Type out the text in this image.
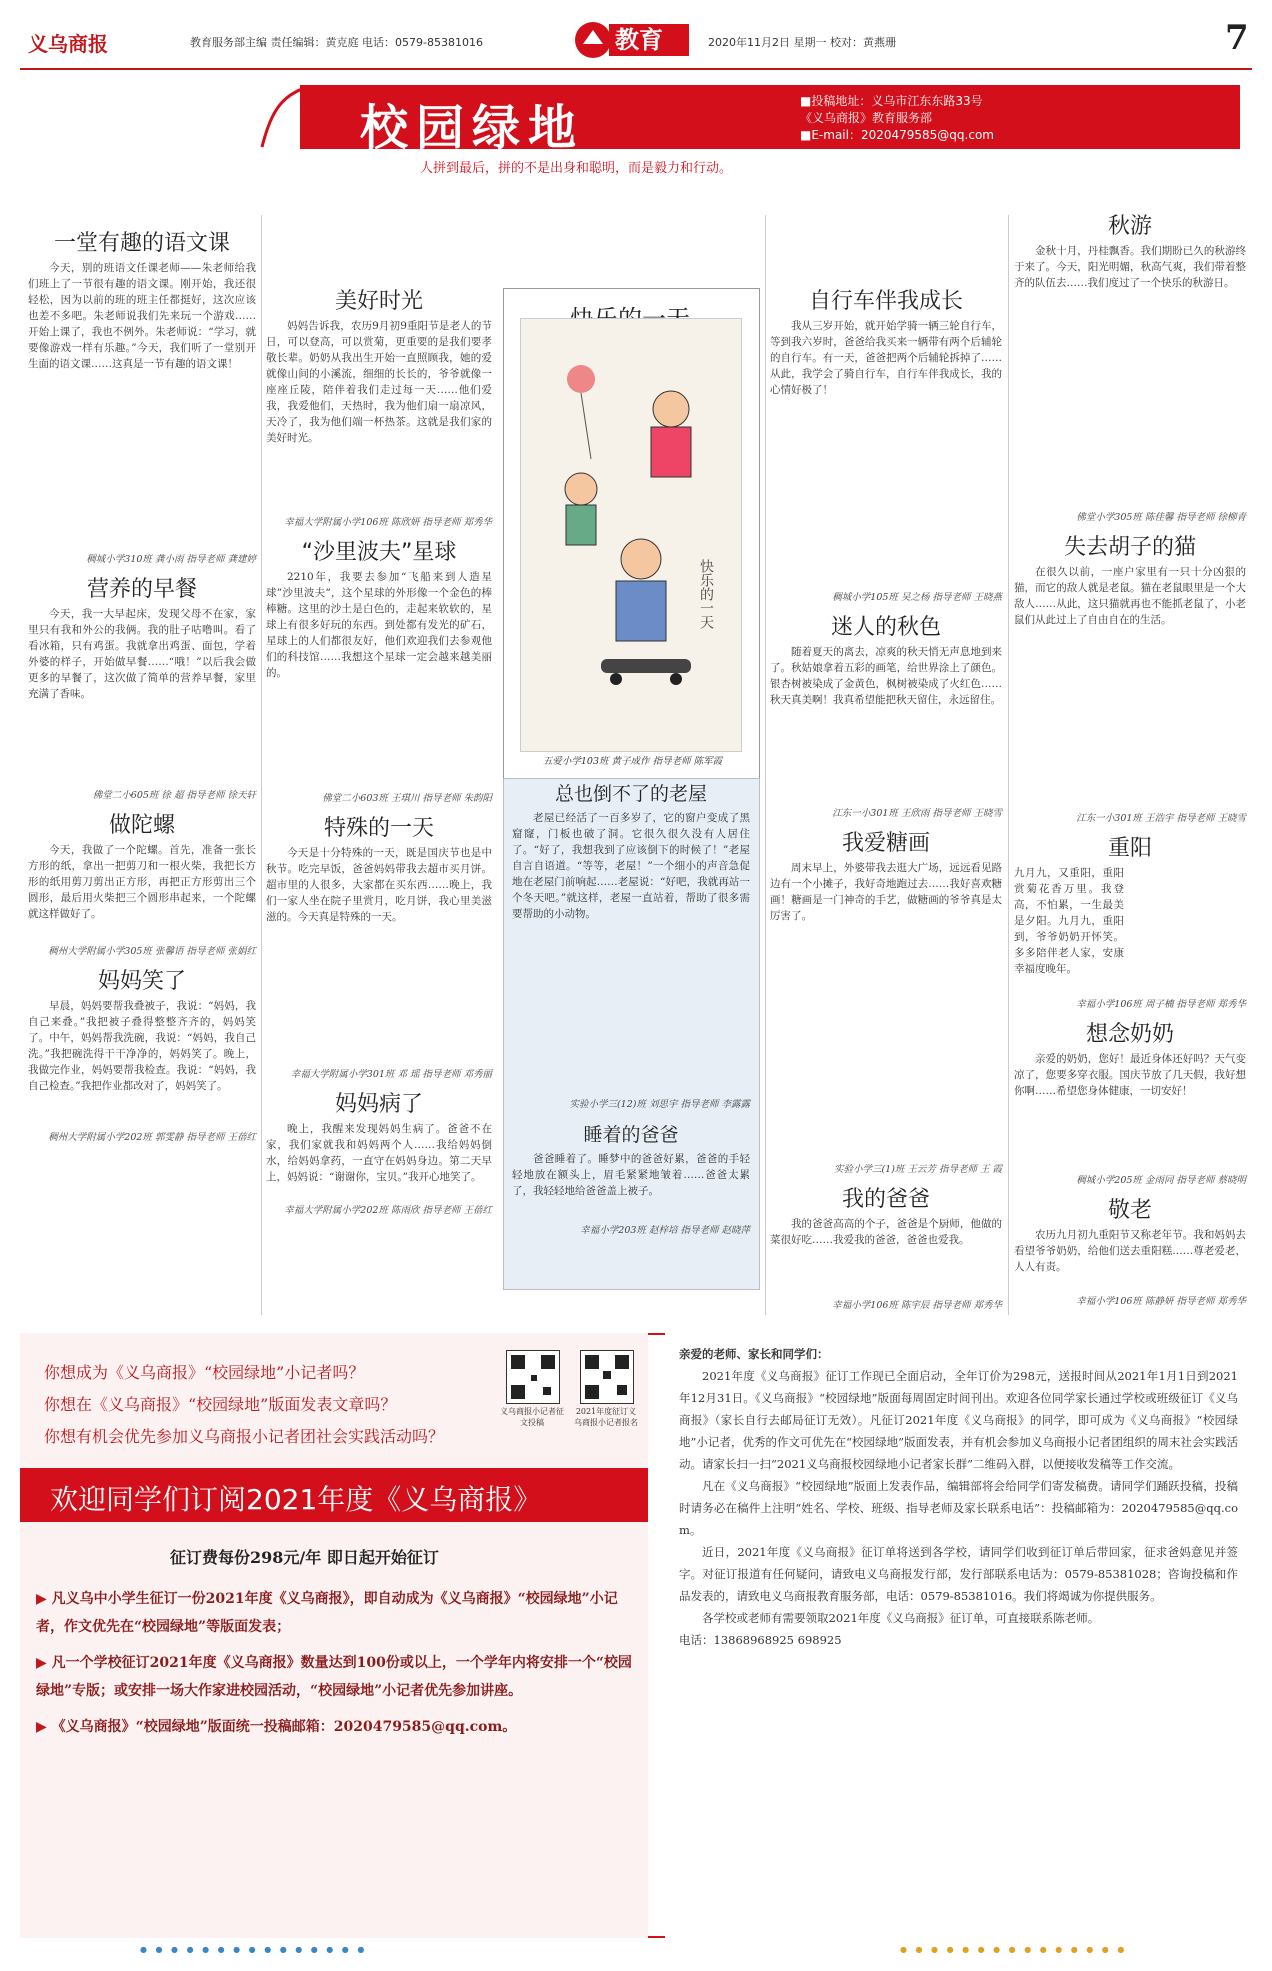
义乌商报	教育服务部主编 责任编辑：黄克庭 电话：0579-85381016	教育	2020年11月2日 星期一 校对：黄燕珊	7
校园绿地	■投稿地址：义乌市江东东路33号
《义乌商报》教育服务部
■E-mail：2020479585@qq.com
人拼到最后，拼的不是出身和聪明，而是毅力和行动。
一堂有趣的语文课

今天，别的班语文任课老师——朱老师给我们班上了一节很有趣的语文课。刚开始，我还很轻松，因为以前的班的班主任都挺好，这次应该也差不多吧。朱老师说我们先来玩一个游戏……开始上课了，我也不例外。朱老师说：“学习，就要像游戏一样有乐趣。”今天，我们听了一堂别开生面的语文课……这真是一节有趣的语文课！

稠城小学310班 龚小雨 指导老师 龚建婷
营养的早餐

今天，我一大早起床，发现父母不在家，家里只有我和外公的我俩。我的肚子咕噜叫。看了看冰箱，只有鸡蛋。我就拿出鸡蛋、面包，学着外婆的样子，开始做早餐……“哦！”以后我会做更多的早餐了，这次做了简单的营养早餐，家里充满了香味。

佛堂二小605班 徐 超 指导老师 徐天轩
做陀螺

今天，我做了一个陀螺。首先，准备一张长方形的纸，拿出一把剪刀和一根火柴，我把长方形的纸用剪刀剪出正方形，再把正方形剪出三个圆形，最后用火柴把三个圆形串起来，一个陀螺就这样做好了。

稠州大学附属小学305班 张馨语 指导老师 张娟红
妈妈笑了

早晨，妈妈要帮我叠被子，我说：“妈妈，我自己来叠。”我把被子叠得整整齐齐的，妈妈笑了。中午，妈妈帮我洗碗，我说：“妈妈，我自己洗。”我把碗洗得干干净净的，妈妈笑了。晚上，我做完作业，妈妈要帮我检查。我说：“妈妈，我自己检查。”我把作业都改对了，妈妈笑了。

稠州大学附属小学202班 郭雯静 指导老师 王蓓红
美好时光

妈妈告诉我，农历9月初9重阳节是老人的节日，可以登高，可以赏菊，更重要的是我们要孝敬长辈。奶奶从我出生开始一直照顾我，她的爱就像山间的小溪流，细细的长长的，爷爷就像一座座丘陵，陪伴着我们走过每一天……他们爱我，我爱他们，天热时，我为他们扇一扇凉风，天冷了，我为他们端一杯热茶。这就是我们家的美好时光。

幸福大学附属小学106班 陈欣妍 指导老师 郑秀华
“沙里波夫”星球

2210年，我要去参加“飞船来到人造星球”沙里波夫”，这个星球的外形像一个金色的棒棒糖。这里的沙土是白色的，走起来软软的，星球上有很多好玩的东西。到处都有发光的矿石，星球上的人们都很友好，他们欢迎我们去参观他们的科技馆……我想这个星球一定会越来越美丽的。

佛堂二小603班 王琪川 指导老师 朱韵阳
特殊的一天

今天是十分特殊的一天，既是国庆节也是中秋节。吃完早饭，爸爸妈妈带我去超市买月饼。超市里的人很多，大家都在买东西……晚上，我们一家人坐在院子里赏月，吃月饼，我心里美滋滋的。今天真是特殊的一天。

幸福大学附属小学301班 邓 瑶 指导老师 邓秀丽
妈妈病了

晚上，我醒来发现妈妈生病了。爸爸不在家，我们家就我和妈妈两个人……我给妈妈倒水，给妈妈拿药，一直守在妈妈身边。第二天早上，妈妈说：“谢谢你，宝贝。”我开心地笑了。

幸福大学附属小学202班 陈雨欣 指导老师 王蓓红
快乐的一天
五爱小学103班 黄子成作 指导老师 陈军霞
总也倒不了的老屋

老屋已经活了一百多岁了，它的窗户变成了黑窟窿，门板也破了洞。它很久很久没有人居住了。“好了，我想我到了应该倒下的时候了！”老屋自言自语道。“等等，老屋！”一个细小的声音急促地在老屋门前响起……老屋说：“好吧，我就再站一个冬天吧。”就这样，老屋一直站着，帮助了很多需要帮助的小动物。

实验小学三(12)班 刘思宇 指导老师 李露露
睡着的爸爸

爸爸睡着了。睡梦中的爸爸好累，爸爸的手轻轻地放在额头上，眉毛紧紧地皱着……爸爸太累了，我轻轻地给爸爸盖上被子。

幸福小学203班 赵梓培 指导老师 赵晓萍
自行车伴我成长

我从三岁开始，就开始学骑一辆三轮自行车，等到我六岁时，爸爸给我买来一辆带有两个后辅轮的自行车。有一天，爸爸把两个后辅轮拆掉了……从此，我学会了骑自行车，自行车伴我成长，我的心情好极了！

稠城小学105班 吴之杨 指导老师 王晓燕
迷人的秋色

随着夏天的离去，凉爽的秋天悄无声息地到来了。秋姑娘拿着五彩的画笔，给世界涂上了颜色。银杏树被染成了金黄色，枫树被染成了火红色……秋天真美啊！我真希望能把秋天留住，永远留住。

江东一小301班 王欣雨 指导老师 王晓雪
我爱糖画

周末早上，外婆带我去逛大广场，远远看见路边有一个小摊子，我好奇地跑过去……我好喜欢糖画！糖画是一门神奇的手艺，做糖画的爷爷真是太厉害了。

实验小学三(1)班 王云芳 指导老师 王 霞
我的爸爸

我的爸爸高高的个子，爸爸是个厨师，他做的菜很好吃……我爱我的爸爸，爸爸也爱我。

幸福小学106班 陈宇辰 指导老师 郑秀华
秋游

金秋十月，丹桂飘香。我们期盼已久的秋游终于来了。今天，阳光明媚，秋高气爽，我们带着整齐的队伍去……我们度过了一个快乐的秋游日。

佛堂小学305班 陈佳馨 指导老师 徐柳青
失去胡子的猫

在很久以前，一座户家里有一只十分凶狠的猫，而它的敌人就是老鼠。猫在老鼠眼里是一个大敌人……从此，这只猫就再也不能抓老鼠了，小老鼠们从此过上了自由自在的生活。

江东一小301班 王浩宇 指导老师 王晓雪
重阳

九月九，又重阳，重阳赏菊花香万里。我登高，不怕累，一生最美是夕阳。九月九，重阳到，爷爷奶奶开怀笑。多多陪伴老人家，安康幸福度晚年。

幸福小学106班 周子楠 指导老师 郑秀华
想念奶奶

亲爱的奶奶，您好！最近身体还好吗？天气变凉了，您要多穿衣服。国庆节放了几天假，我好想你啊……希望您身体健康，一切安好！

稠城小学205班 金雨同 指导老师 蔡晓明
敬老

农历九月初九重阳节又称老年节。我和妈妈去看望爷爷奶奶，给他们送去重阳糕……尊老爱老，人人有责。

幸福小学106班 陈静妍 指导老师 郑秀华
你想成为《义乌商报》“校园绿地”小记者吗？
你想在《义乌商报》“校园绿地”版面发表文章吗？
你想有机会优先参加义乌商报小记者团社会实践活动吗？
义乌商报小记者征文投稿
2021年度征订义乌商报小记者报名
欢迎同学们订阅2021年度《义乌商报》
征订费每份298元/年 即日起开始征订
▶ 凡义乌中小学生征订一份2021年度《义乌商报》，即自动成为《义乌商报》“校园绿地”小记者，作文优先在“校园绿地”等版面发表；
▶ 凡一个学校征订2021年度《义乌商报》数量达到100份或以上，一个学年内将安排一个“校园绿地”专版；或安排一场大作家进校园活动，“校园绿地”小记者优先参加讲座。
▶ 《义乌商报》“校园绿地”版面统一投稿邮箱：2020479585@qq.com。
亲爱的老师、家长和同学们：

2021年度《义乌商报》征订工作现已全面启动，全年订价为298元，送报时间从2021年1月1日到2021年12月31日。《义乌商报》“校园绿地”版面每周固定时间刊出。欢迎各位同学家长通过学校或班级征订《义乌商报》（家长自行去邮局征订无效）。凡征订2021年度《义乌商报》的同学，即可成为《义乌商报》“校园绿地”小记者，优秀的作文可优先在“校园绿地”版面发表，并有机会参加义乌商报小记者团组织的周末社会实践活动。请家长扫一扫“2021义乌商报校园绿地小记者家长群”二维码入群，以便接收发稿等工作交流。

凡在《义乌商报》“校园绿地”版面上发表作品，编辑部将会给同学们寄发稿费。请同学们踊跃投稿，投稿时请务必在稿件上注明“姓名、学校、班级、指导老师及家长联系电话”：投稿邮箱为：2020479585@qq.com。

近日，2021年度《义乌商报》征订单将送到各学校，请同学们收到征订单后带回家，征求爸妈意见并签字。对征订报道有任何疑问，请致电义乌商报发行部，发行部联系电话为：0579-85381028；咨询投稿和作品发表的，请致电义乌商报教育服务部，电话：0579-85381016。我们将竭诚为你提供服务。

各学校或老师有需要领取2021年度《义乌商报》征订单，可直接联系陈老师。

电话：13868968925 698925
● ● ● ● ● ● ● ● ● ● ● ● ● ● ●	● ● ● ● ● ● ● ● ● ● ● ● ● ● ●
